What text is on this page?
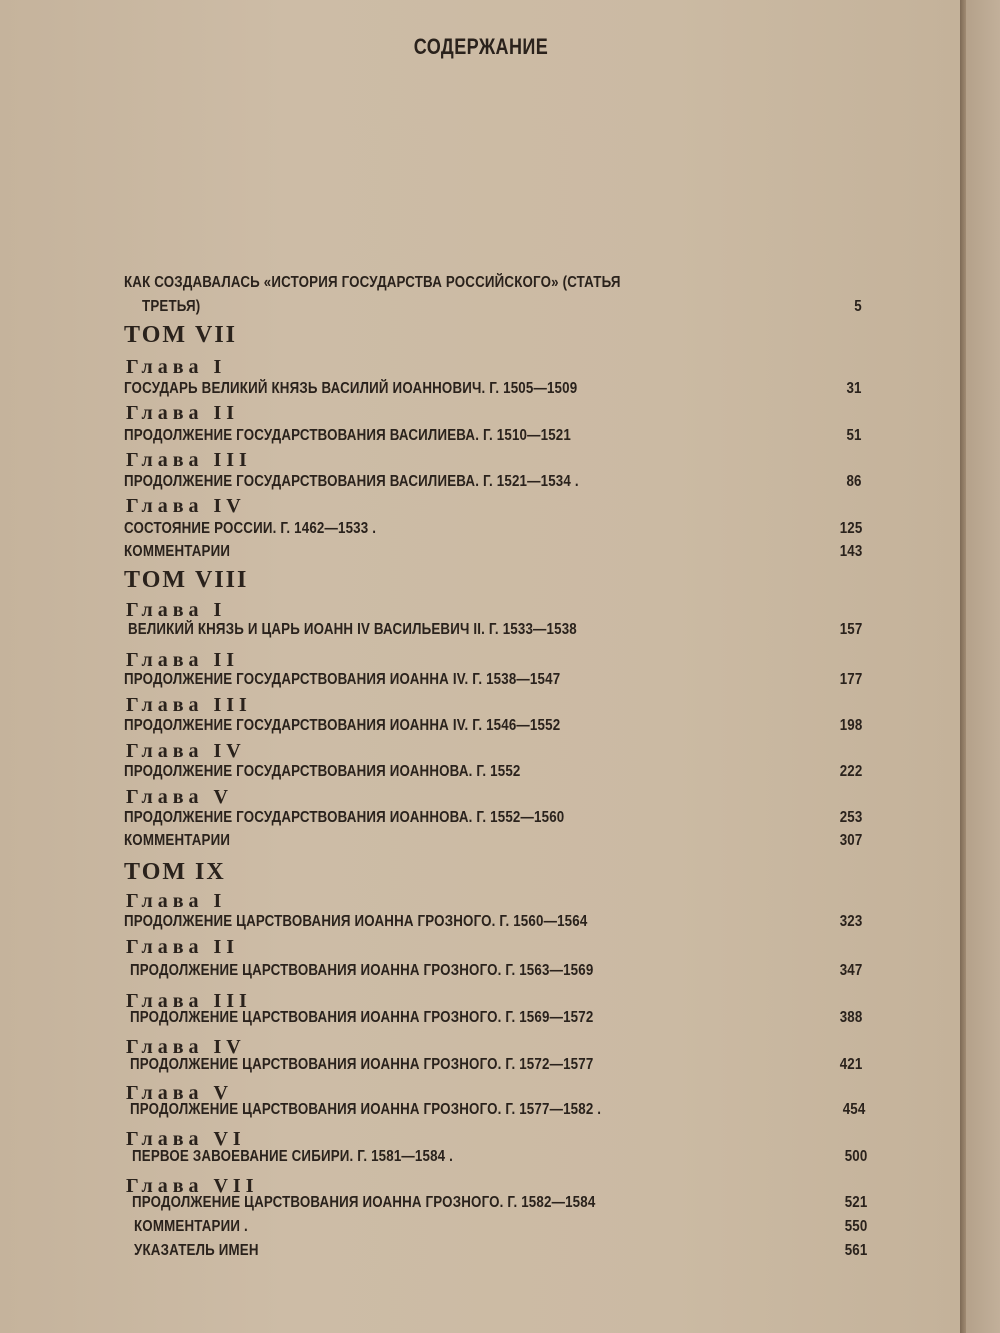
СОДЕРЖАНИЕ
КАК СОЗДАВАЛАСЬ «ИСТОРИЯ ГОСУДАРСТВА РОССИЙСКОГО» (СТАТЬЯ
ТРЕТЬЯ)	5
ТОМ VII
Глава I
ГОСУДАРЬ ВЕЛИКИЙ КНЯЗЬ ВАСИЛИЙ ИОАННОВИЧ. Г. 1505—1509	31
Глава II
ПРОДОЛЖЕНИЕ ГОСУДАРСТВОВАНИЯ ВАСИЛИЕВА. Г. 1510—1521	51
Глава III
ПРОДОЛЖЕНИЕ ГОСУДАРСТВОВАНИЯ ВАСИЛИЕВА. Г. 1521—1534 .	86
Глава IV
СОСТОЯНИЕ РОССИИ. Г. 1462—1533 .	125
КОММЕНТАРИИ	143
ТОМ VIII
Глава I
ВЕЛИКИЙ КНЯЗЬ И ЦАРЬ ИОАНН IV ВАСИЛЬЕВИЧ II. Г. 1533—1538	157
Глава II
ПРОДОЛЖЕНИЕ ГОСУДАРСТВОВАНИЯ ИОАННА IV. Г. 1538—1547	177
Глава III
ПРОДОЛЖЕНИЕ ГОСУДАРСТВОВАНИЯ ИОАННА IV. Г. 1546—1552	198
Глава IV
ПРОДОЛЖЕНИЕ ГОСУДАРСТВОВАНИЯ ИОАННОВА. Г. 1552	222
Глава V
ПРОДОЛЖЕНИЕ ГОСУДАРСТВОВАНИЯ ИОАННОВА. Г. 1552—1560	253
КОММЕНТАРИИ	307
ТОМ IX
Глава I
ПРОДОЛЖЕНИЕ ЦАРСТВОВАНИЯ ИОАННА ГРОЗНОГО. Г. 1560—1564	323
Глава II
ПРОДОЛЖЕНИЕ ЦАРСТВОВАНИЯ ИОАННА ГРОЗНОГО. Г. 1563—1569	347
Глава III
ПРОДОЛЖЕНИЕ ЦАРСТВОВАНИЯ ИОАННА ГРОЗНОГО. Г. 1569—1572	388
Глава IV
ПРОДОЛЖЕНИЕ ЦАРСТВОВАНИЯ ИОАННА ГРОЗНОГО. Г. 1572—1577	421
Глава V
ПРОДОЛЖЕНИЕ ЦАРСТВОВАНИЯ ИОАННА ГРОЗНОГО. Г. 1577—1582 .	454
Глава VI
ПЕРВОЕ ЗАВОЕВАНИЕ СИБИРИ. Г. 1581—1584 .	500
Глава VII
ПРОДОЛЖЕНИЕ ЦАРСТВОВАНИЯ ИОАННА ГРОЗНОГО. Г. 1582—1584	521
КОММЕНТАРИИ .	550
УКАЗАТЕЛЬ ИМЕН	561
